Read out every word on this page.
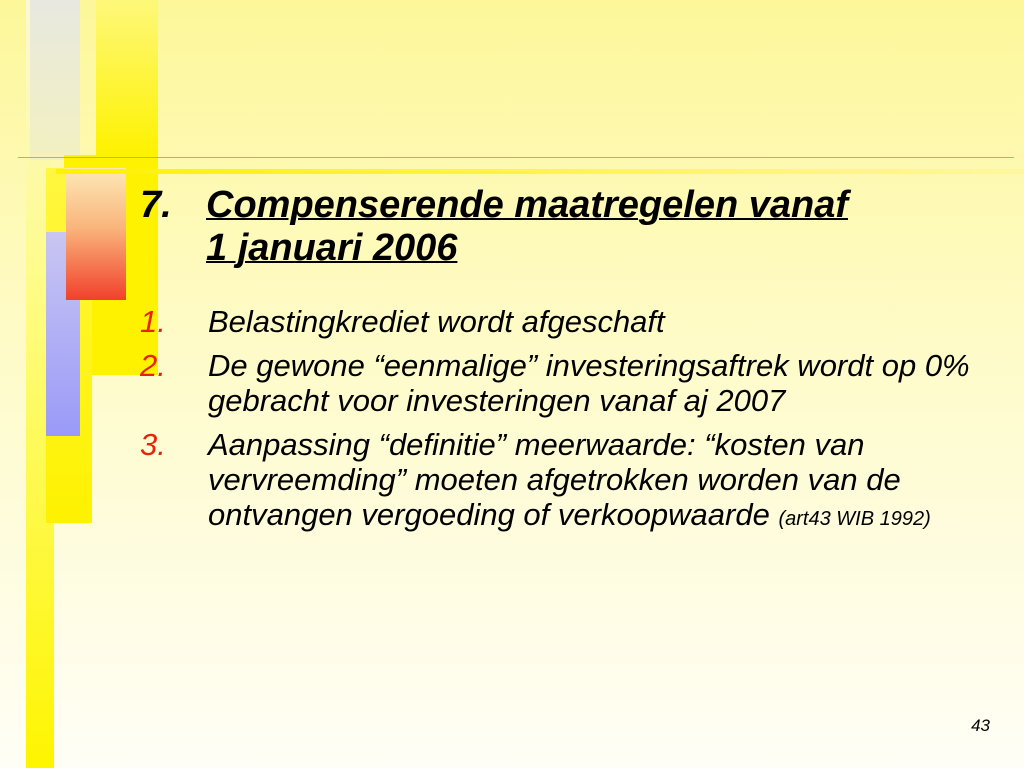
7. Compenserende maatregelen vanaf
1 januari 2006
1. Belastingkrediet wordt afgeschaft
2. De gewone “eenmalige” investeringsaftrek wordt op 0% gebracht voor investeringen vanaf aj 2007
3. Aanpassing “definitie” meerwaarde: “kosten van vervreemding” moeten afgetrokken worden van de ontvangen vergoeding of verkoopwaarde (art43 WIB 1992)
43
